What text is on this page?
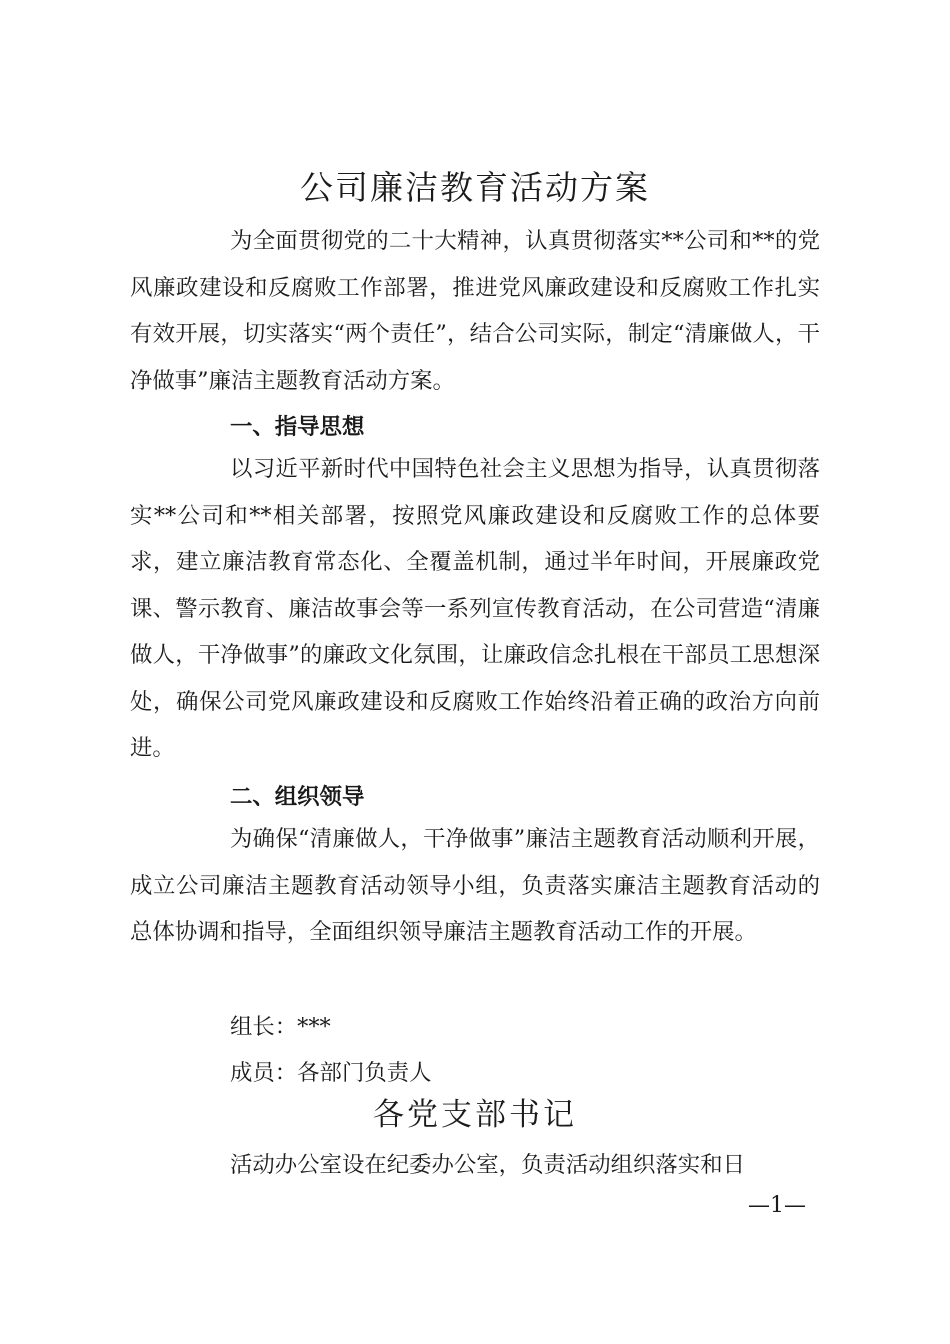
公司廉洁教育活动方案
为全面贯彻党的二十大精神，认真贯彻落实**公司和**的党风廉政建设和反腐败工作部署，推进党风廉政建设和反腐败工作扎实有效开展，切实落实“两个责任”，结合公司实际，制定“清廉做人，干净做事”廉洁主题教育活动方案。
一、指导思想
以习近平新时代中国特色社会主义思想为指导，认真贯彻落实**公司和**相关部署，按照党风廉政建设和反腐败工作的总体要求，建立廉洁教育常态化、全覆盖机制，通过半年时间，开展廉政党课、警示教育、廉洁故事会等一系列宣传教育活动，在公司营造“清廉做人，干净做事”的廉政文化氛围，让廉政信念扎根在干部员工思想深处，确保公司党风廉政建设和反腐败工作始终沿着正确的政治方向前进。
二、组织领导
为确保“清廉做人，干净做事”廉洁主题教育活动顺利开展，成立公司廉洁主题教育活动领导小组，负责落实廉洁主题教育活动的总体协调和指导，全面组织领导廉洁主题教育活动工作的开展。
组长：***
成员：各部门负责人
各党支部书记
活动办公室设在纪委办公室，负责活动组织落实和日
—1—
